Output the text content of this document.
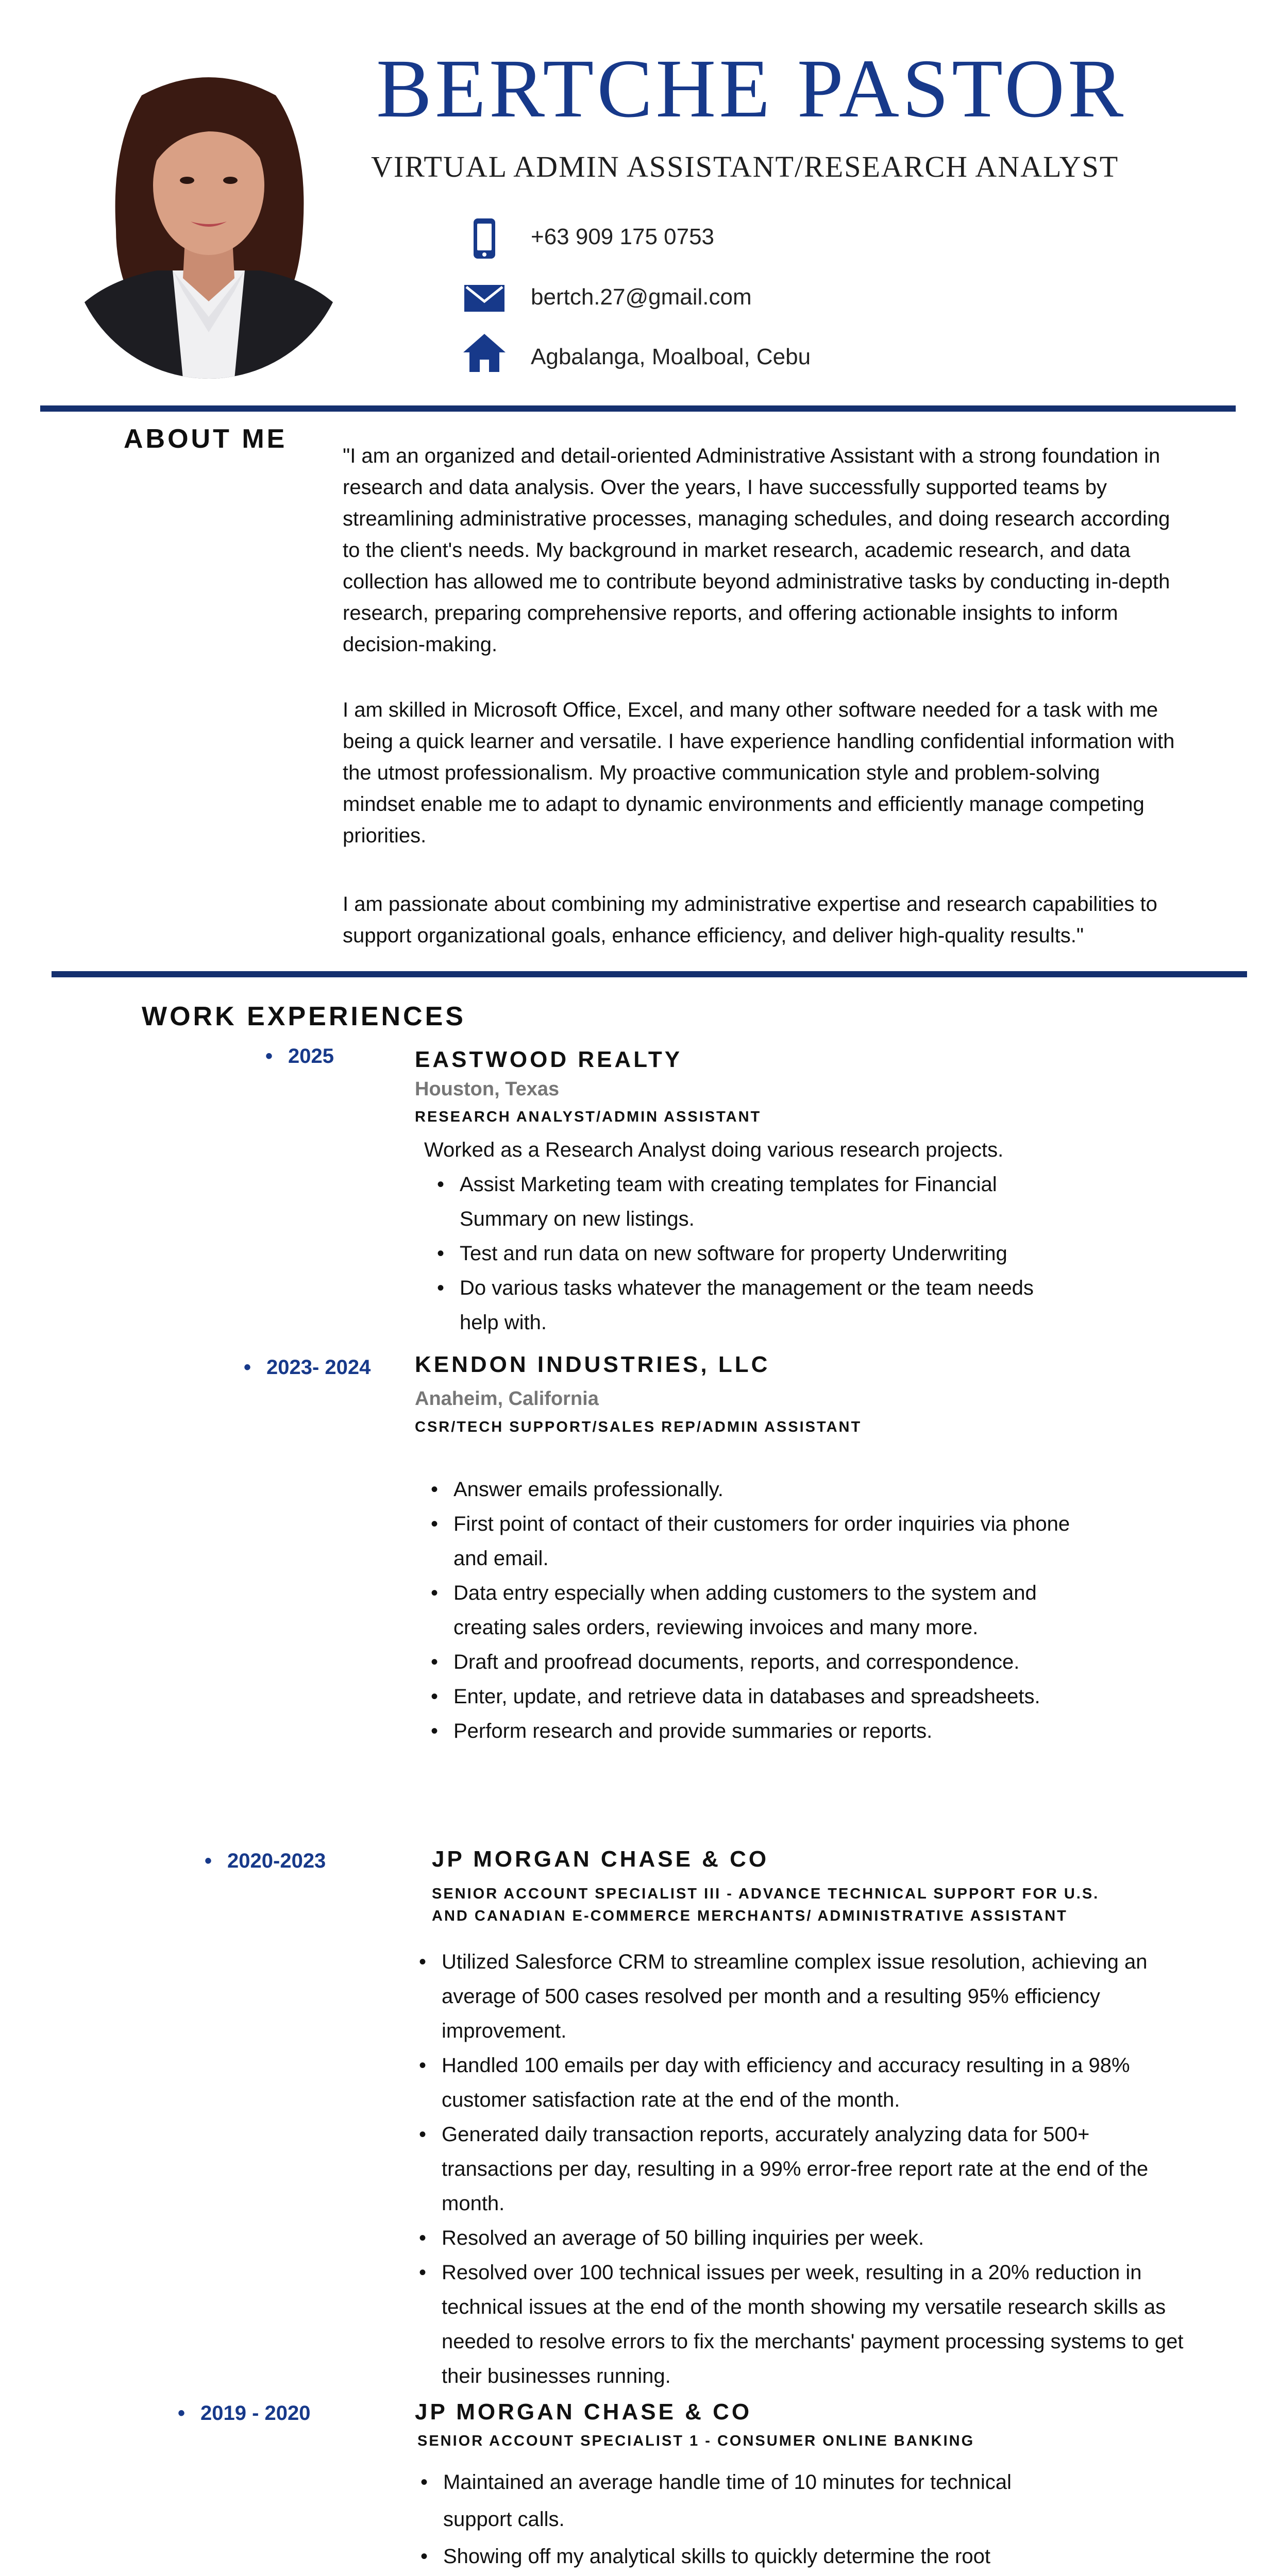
BERTCHE PASTOR
VIRTUAL ADMIN ASSISTANT/RESEARCH ANALYST
+63 909 175 0753
bertch.27@gmail.com
Agbalanga, Moalboal, Cebu
ABOUT ME
"I am an organized and detail-oriented Administrative Assistant with a strong foundation in research and data analysis. Over the years, I have successfully supported teams by streamlining administrative processes, managing schedules, and doing research according to the client's needs. My background in market research, academic research, and data collection has allowed me to contribute beyond administrative tasks by conducting in-depth research, preparing comprehensive reports, and offering actionable insights to inform decision-making.
I am skilled in Microsoft Office, Excel, and many other software needed for a task with me being a quick learner and versatile. I have experience handling confidential information with the utmost professionalism. My proactive communication style and problem-solving mindset enable me to adapt to dynamic environments and efficiently manage competing priorities.
I am passionate about combining my administrative expertise and research capabilities to support organizational goals, enhance efficiency, and deliver high-quality results."
WORK EXPERIENCES
• 2025	EASTWOOD REALTY
Houston, Texas
RESEARCH ANALYST/ADMIN ASSISTANT
Worked as a Research Analyst doing various research projects.
• Assist Marketing team with creating templates for Financial Summary on new listings.
• Test and run data on new software for property Underwriting
• Do various tasks whatever the management or the team needs help with.
• 2023- 2024 KENDON INDUSTRIES, LLC
Anaheim, California
CSR/TECH SUPPORT/SALES REP/ADMIN ASSISTANT
• Answer emails professionally.
• First point of contact of their customers for order inquiries via phone and email.
• Data entry especially when adding customers to the system and creating sales orders, reviewing invoices and many more.
• Draft and proofread documents, reports, and correspondence.
• Enter, update, and retrieve data in databases and spreadsheets.
• Perform research and provide summaries or reports.
• 2020-2023	JP MORGAN CHASE & CO
SENIOR ACCOUNT SPECIALIST III - ADVANCE TECHNICAL SUPPORT FOR U.S.
AND CANADIAN E-COMMERCE MERCHANTS/ ADMINISTRATIVE ASSISTANT
• Utilized Salesforce CRM to streamline complex issue resolution, achieving an average of 500 cases resolved per month and a resulting 95% efficiency improvement.
• Handled 100 emails per day with efficiency and accuracy resulting in a 98% customer satisfaction rate at the end of the month.
• Generated daily transaction reports, accurately analyzing data for 500+ transactions per day, resulting in a 99% error-free report rate at the end of the month.
• Resolved an average of 50 billing inquiries per week.
• Resolved over 100 technical issues per week, resulting in a 20% reduction in technical issues at the end of the month showing my versatile research skills as needed to resolve errors to fix the merchants' payment processing systems to get their businesses running.
• 2019 - 2020	JP MORGAN CHASE & CO
SENIOR ACCOUNT SPECIALIST 1 - CONSUMER ONLINE BANKING
• Maintained an average handle time of 10 minutes for technical support calls.
• Showing off my analytical skills to quickly determine the root
